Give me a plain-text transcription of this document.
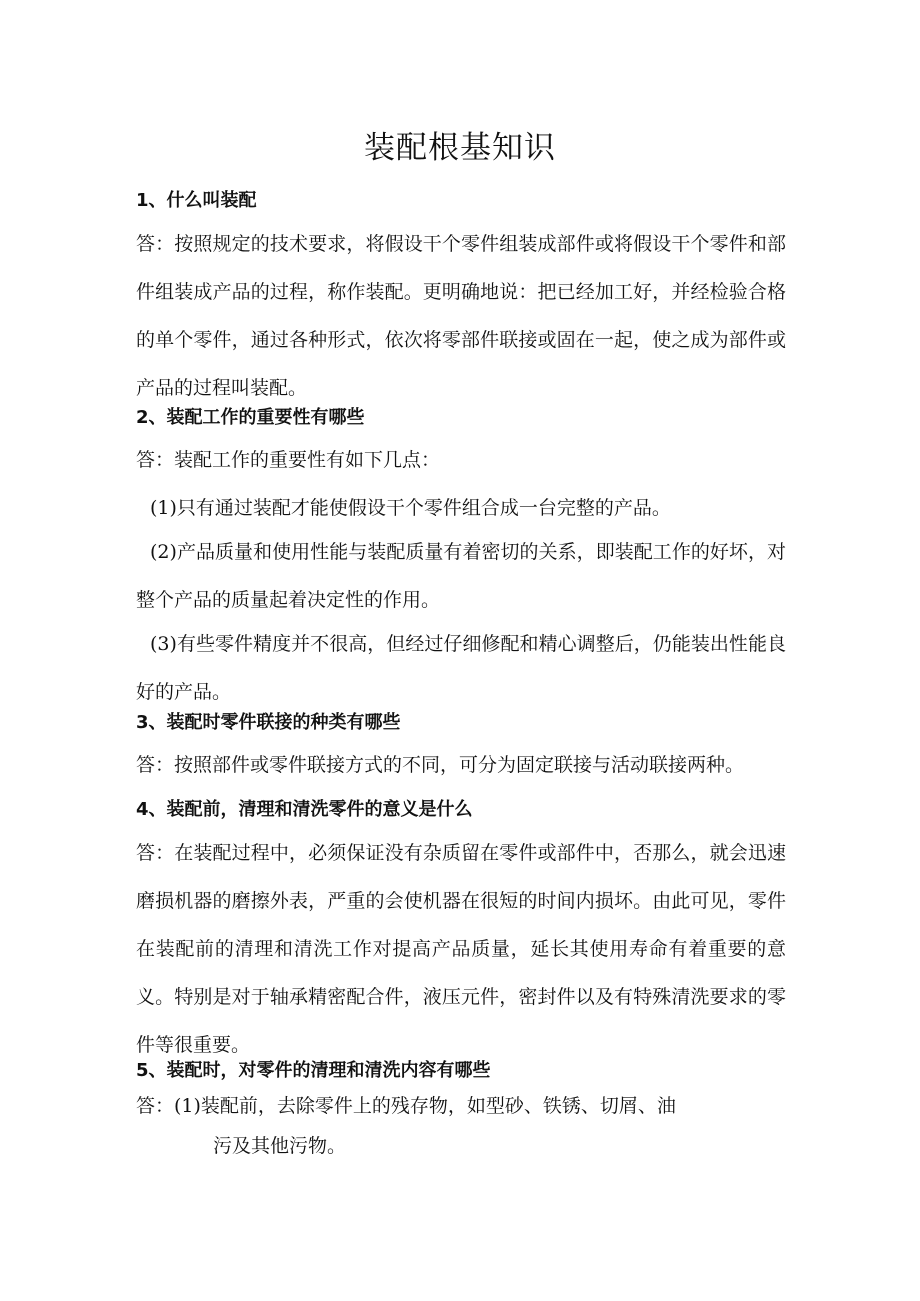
装配根基知识
1、什么叫装配

答：按照规定的技术要求，将假设干个零件组装成部件或将假设干个零件和部件组装成产品的过程，称作装配。更明确地说：把已经加工好，并经检验合格的单个零件，通过各种形式，依次将零部件联接或固在一起，使之成为部件或产品的过程叫装配。

2、装配工作的重要性有哪些

答：装配工作的重要性有如下几点：

(1)只有通过装配才能使假设干个零件组合成一台完整的产品。

(2)产品质量和使用性能与装配质量有着密切的关系，即装配工作的好坏，对整个产品的质量起着决定性的作用。

(3)有些零件精度并不很高，但经过仔细修配和精心调整后，仍能装出性能良好的产品。

3、装配时零件联接的种类有哪些

答：按照部件或零件联接方式的不同，可分为固定联接与活动联接两种。

4、装配前，清理和清洗零件的意义是什么

答：在装配过程中，必须保证没有杂质留在零件或部件中，否那么，就会迅速磨损机器的磨擦外表，严重的会使机器在很短的时间内损坏。由此可见，零件在装配前的清理和清洗工作对提高产品质量，延长其使用寿命有着重要的意义。特别是对于轴承精密配合件，液压元件，密封件以及有特殊清洗要求的零件等很重要。

5、装配时，对零件的清理和清洗内容有哪些

答：(1)装配前，去除零件上的残存物，如型砂、铁锈、切屑、油

污及其他污物。
